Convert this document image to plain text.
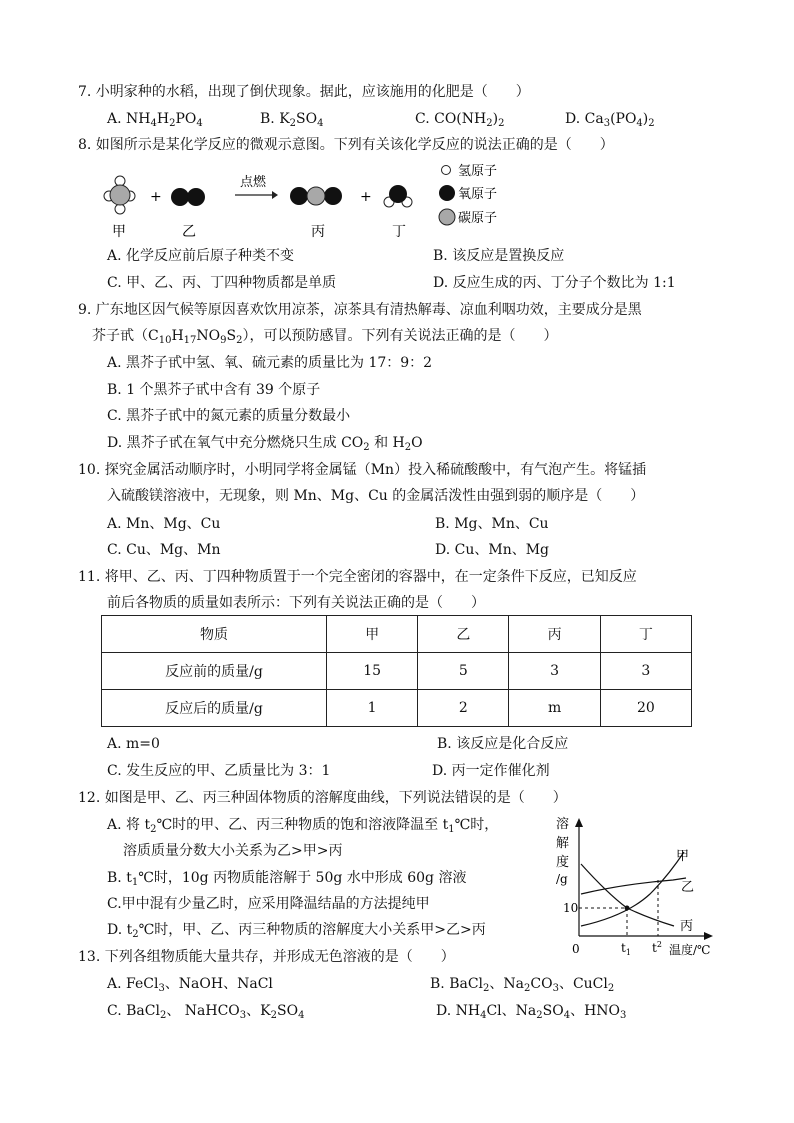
7. 小明家种的水稻，出现了倒伏现象。据此，应该施用的化肥是（　　）
A. $NH_4H_2PO_4$	B. $K_2SO_4$	C. $CO(NH_2)_2$	D. $Ca_3(PO_4)_2$
8. 如图所示是某化学反应的微观示意图。下列有关该化学反应的说法正确的是（　　）
+
点燃
+
甲	乙	丙	丁
氢原子
氧原子
碳原子
A. 化学反应前后原子种类不变	B. 该反应是置换反应
C. 甲、乙、丙、丁四种物质都是单质	D. 反应生成的丙、丁分子个数比为 1:1
9. 广东地区因气候等原因喜欢饮用凉茶，凉茶具有清热解毒、凉血利咽功效，主要成分是黑
芥子甙$(C_{10}H_{17}NO_9S_2)$，可以预防感冒。下列有关说法正确的是（　　）
A. 黑芥子甙中氢、氧、硫元素的质量比为 17：9：2
B. 1 个黑芥子甙中含有 39 个原子
C. 黑芥子甙中的氮元素的质量分数最小
D. 黑芥子甙在氧气中充分燃烧只生成 $CO_2$ 和 $H_2O$
10. 探究金属活动顺序时，小明同学将金属锰（Mn）投入稀硫酸酸中，有气泡产生。将锰插
入硫酸镁溶液中，无现象，则 Mn、Mg、Cu 的金属活泼性由强到弱的顺序是（　　）
A. Mn、Mg、Cu	B. Mg、Mn、Cu
C. Cu、Mg、Mn	D. Cu、Mn、Mg
11. 将甲、乙、丙、丁四种物质置于一个完全密闭的容器中，在一定条件下反应，已知反应
前后各物质的质量如表所示：下列有关说法正确的是（　　）
物质	甲	乙	丙	丁
反应前的质量/g	15	5	3	3
反应后的质量/g	1	2	m	20
A. m=0	B. 该反应是化合反应
C. 发生反应的甲、乙质量比为 3：1	D. 丙一定作催化剂
12. 如图是甲、乙、丙三种固体物质的溶解度曲线，下列说法错误的是（　　）
A. 将 $t_2℃$时的甲、乙、丙三种物质的饱和溶液降温至 $t_1℃$时，
溶质质量分数大小关系为乙>甲>丙
B. $t_1℃$时，10g 丙物质能溶解于 50g 水中形成 60g 溶液
C.甲中混有少量乙时，应采用降温结晶的方法提纯甲
D. $t_2℃$时，甲、乙、丙三种物质的溶解度大小关系甲>乙>丙
溶
解
度
/g
10
0	$t_1$ $t^2$ 温度/℃
甲
乙
丙
13. 下列各组物质能大量共存，并形成无色溶液的是（　　）
A. FeCl$_3$、NaOH、NaCl	B. BaCl$_2$、$Na_2CO_3$、CuCl$_2$
C. BaCl$_2$、 NaHCO$_3$、$K_2SO_4$	D. $NH_4Cl$、$Na_2SO_4$、$HNO_3$
